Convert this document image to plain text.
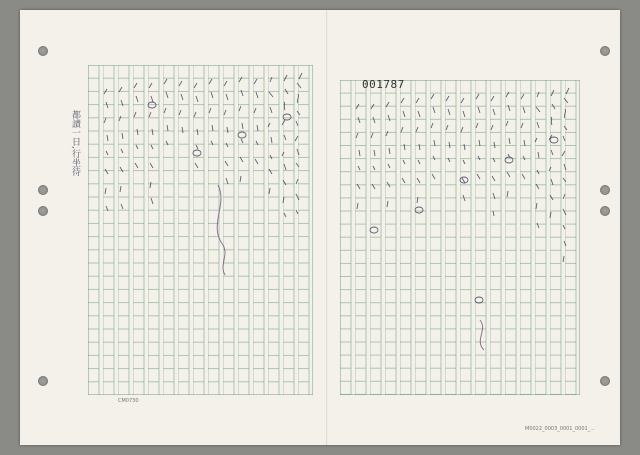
001787
都讀一日,行坐待
CM0730
M0022_0003_0001_0001_...
